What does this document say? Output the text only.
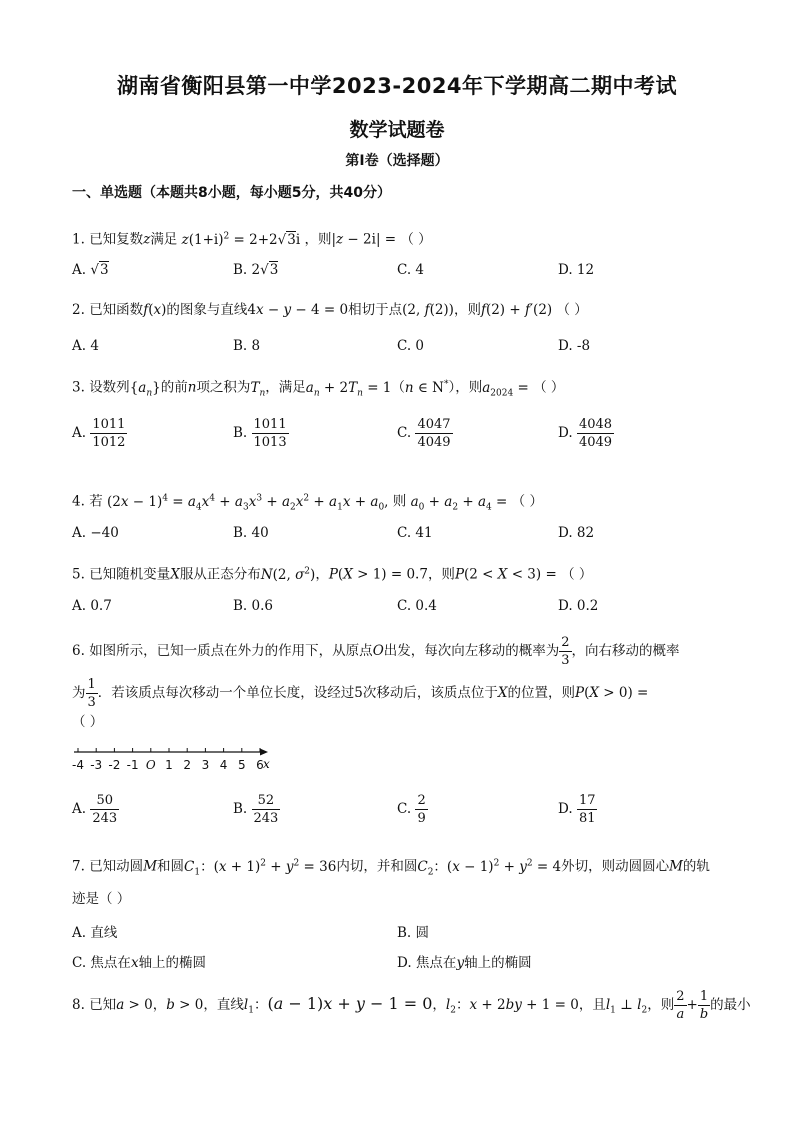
湖南省衡阳县第一中学2023-2024年下学期高二期中考试
数学试题卷
第Ⅰ卷（选择题）
一、单选题（本题共8小题，每小题5分，共40分）
1. 已知复数z满足 $z(1+i)^2 = 2+2√3i$ ，则|z − 2i| = （ ）
A. √3	B. 2√3	C. 4	D. 12
2. 已知函数f(x)的图象与直线4x − y − 4 = 0相切于点(2, f(2))，则f(2) + f′(2) （ ）
A. 4	B. 8	C. 0	D. -8
3. 设数列$\{a_n\}$的前n项之积为$T_n$，满足$a_n + 2T_n = 1(n$ ∈ N*），则$a_{2024}$ = （ ）
A. $\frac{1011}{1012}$	B. $\frac{1011}{1013}$	C. $\frac{4047}{4049}$	D. $\frac{4048}{4049}$
4. 若 $(2x - 1)^4 = a_4x^4 + a_3x^3 + a_2x^2 + a_1x + a_0$, 则 $a_0 + a_2 + a_4$ = （ ）
A. −40	B. 40	C. 41	D. 82
5. 已知随机变量X服从正态分布N(2, $\sigma^2$)，P(X > 1) = 0.7，则P(2 < X < 3) = （ ）
A. 0.7	B. 0.6	C. 0.4	D. 0.2
6. 如图所示，已知一质点在外力的作用下，从原点O出发，每次向左移动的概率为 $\frac{2}{3}$ ，向右移动的概率
为 $\frac{1}{3}$ ．若该质点每次移动一个单位长度，设经过5次移动后，该质点位于X的位置，则P(X > 0) =
（ ）
-4 -3 -2 -1 O 1 2 3 4 5 6 x
A. $\frac{50}{243}$	B. $\frac{52}{243}$	C. $\frac{2}{9}$	D. $\frac{17}{81}$
7. 已知动圆M和圆$C_1$：$(x + 1)^2 + y^2 = 36$内切，并和圆$C_2$：$(x - 1)^2 + y^2 = 4$外切，则动圆圆心M的轨
迹是（ ）
A. 直线	B. 圆
C. 焦点在x轴上的椭圆	D. 焦点在y轴上的椭圆
8. 已知a > 0，b > 0，直线$l_1$：(a − 1)x + y − 1 = 0，$l_2$：x + 2by + 1 = 0，且$l_1$ ⊥ $l_2$，则 $\frac{2}{a} + \frac{1}{b}$ 的最小
